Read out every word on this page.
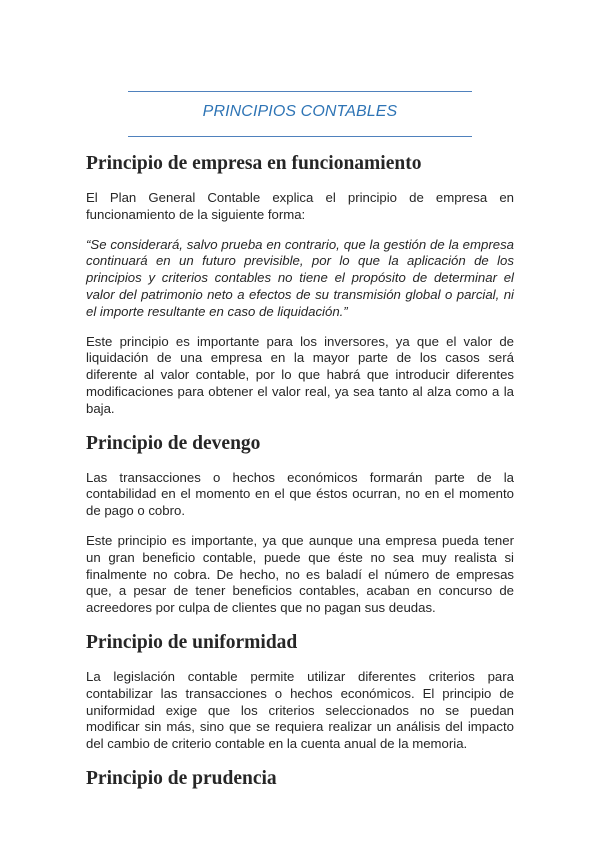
PRINCIPIOS CONTABLES
Principio de empresa en funcionamiento

El Plan General Contable explica el principio de empresa en funcionamiento de la siguiente forma:

“Se considerará, salvo prueba en contrario, que la gestión de la empresa continuará en un futuro previsible, por lo que la aplicación de los principios y criterios contables no tiene el propósito de determinar el valor del patrimonio neto a efectos de su transmisión global o parcial, ni el importe resultante en caso de liquidación.”

Este principio es importante para los inversores, ya que el valor de liquidación de una empresa en la mayor parte de los casos será diferente al valor contable, por lo que habrá que introducir diferentes modificaciones para obtener el valor real, ya sea tanto al alza como a la baja.

Principio de devengo

Las transacciones o hechos económicos formarán parte de la contabilidad en el momento en el que éstos ocurran, no en el momento de pago o cobro.

Este principio es importante, ya que aunque una empresa pueda tener un gran beneficio contable, puede que éste no sea muy realista si finalmente no cobra. De hecho, no es baladí el número de empresas que, a pesar de tener beneficios contables, acaban en concurso de acreedores por culpa de clientes que no pagan sus deudas.

Principio de uniformidad

La legislación contable permite utilizar diferentes criterios para contabilizar las transacciones o hechos económicos. El principio de uniformidad exige que los criterios seleccionados no se puedan modificar sin más, sino que se requiera realizar un análisis del impacto del cambio de criterio contable en la cuenta anual de la memoria.

Principio de prudencia
